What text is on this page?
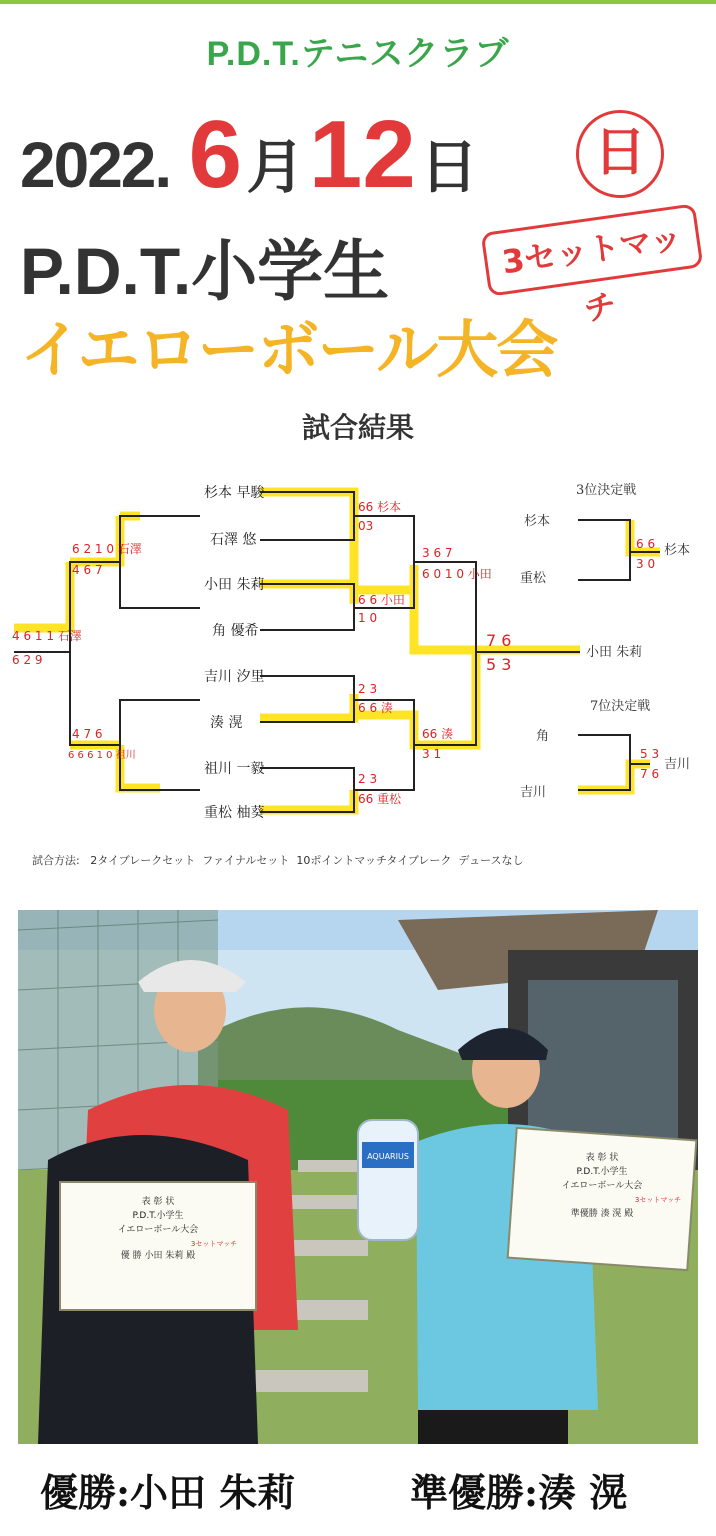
P.D.T.テニスクラブ
2022. 6 月 12 日	日
P.D.T.小学生	3セットマッチ
イエローボール大会
試合結果
杉本 早駿
石澤 悠
小田 朱莉
角 優希
吉川 汐里
湊 滉
祖川 一毅
重松 柚葵
66 杉本
03
6 6 小田
1 0
2 3
6 6 湊
2 3
66 重松
3 6 7
6 0 1 0 小田
66 湊
3 1
7 6
5 3
6 2 1 0 石澤
4 6 7
4 7 6
6 6 6 1 0 祖川
4 6 1 1 石澤
6 2 9
6 6
3 0
5 3
7 6
小田 朱莉
3位決定戦
杉本
重松
杉本
7位決定戦
角
吉川
吉川
試合方法:   2タイブレークセット  ファイナルセット  10ポイントマッチタイブレーク  デュースなし
表 彰 状
P.D.T.小学生
イエローボール大会
3セットマッチ
優 勝 小田 朱莉 殿
AQUARIUS	表 彰 状
P.D.T.小学生
イエローボール大会
3セットマッチ
準優勝 湊 滉 殿
優勝:小田 朱莉	準優勝:湊 滉
